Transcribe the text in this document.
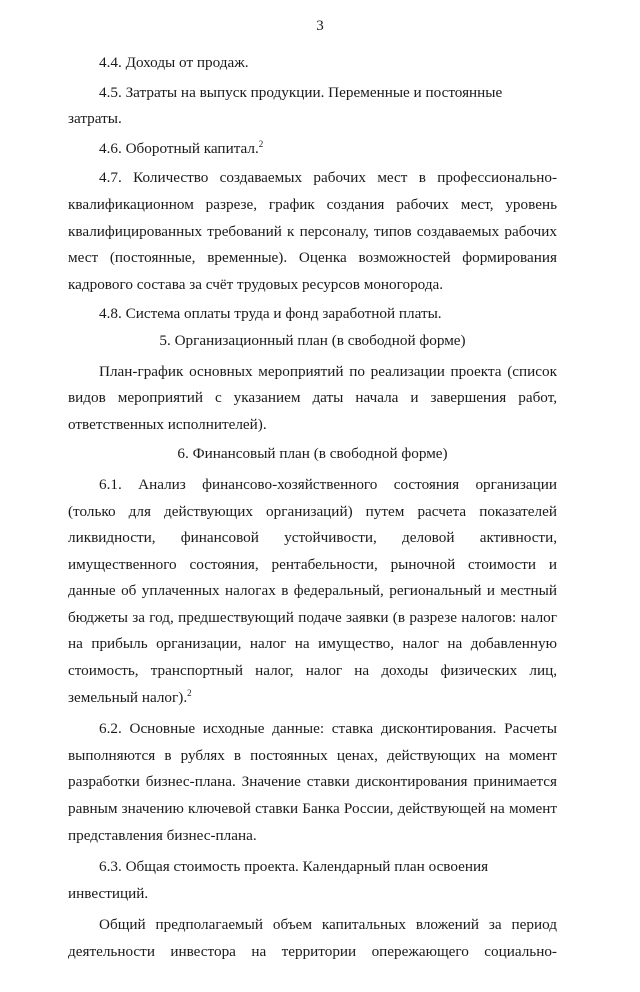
3

4.4. Доходы от продаж.

4.5. Затраты на выпуск продукции. Переменные и постоянные затраты.

4.6. Оборотный капитал.$^2$

4.7. Количество создаваемых рабочих мест в профессионально-квалификационном разрезе, график создания рабочих мест, уровень квалифицированных требований к персоналу, типов создаваемых рабочих мест (постоянные, временные). Оценка возможностей формирования кадрового состава за счёт трудовых ресурсов моногорода.

4.8. Система оплаты труда и фонд заработной платы.

5. Организационный план (в свободной форме)

План-график основных мероприятий по реализации проекта (список видов мероприятий с указанием даты начала и завершения работ, ответственных исполнителей).

6. Финансовый план (в свободной форме)

6.1. Анализ финансово-хозяйственного состояния организации (только для действующих организаций) путем расчета показателей ликвидности, финансовой устойчивости, деловой активности, имущественного состояния, рентабельности, рыночной стоимости и данные об уплаченных налогах в федеральный, региональный и местный бюджеты за год, предшествующий подаче заявки (в разрезе налогов: налог на прибыль организации, налог на имущество, налог на добавленную стоимость, транспортный налог, налог на доходы физических лиц, земельный налог).$^2$

6.2. Основные исходные данные: ставка дисконтирования. Расчеты выполняются в рублях в постоянных ценах, действующих на момент разработки бизнес-плана. Значение ставки дисконтирования принимается равным значению ключевой ставки Банка России, действующей на момент представления бизнес-плана.

6.3. Общая стоимость проекта. Календарный план освоения инвестиций.

Общий предполагаемый объем капитальных вложений за период деятельности инвестора на территории опережающего социально-
